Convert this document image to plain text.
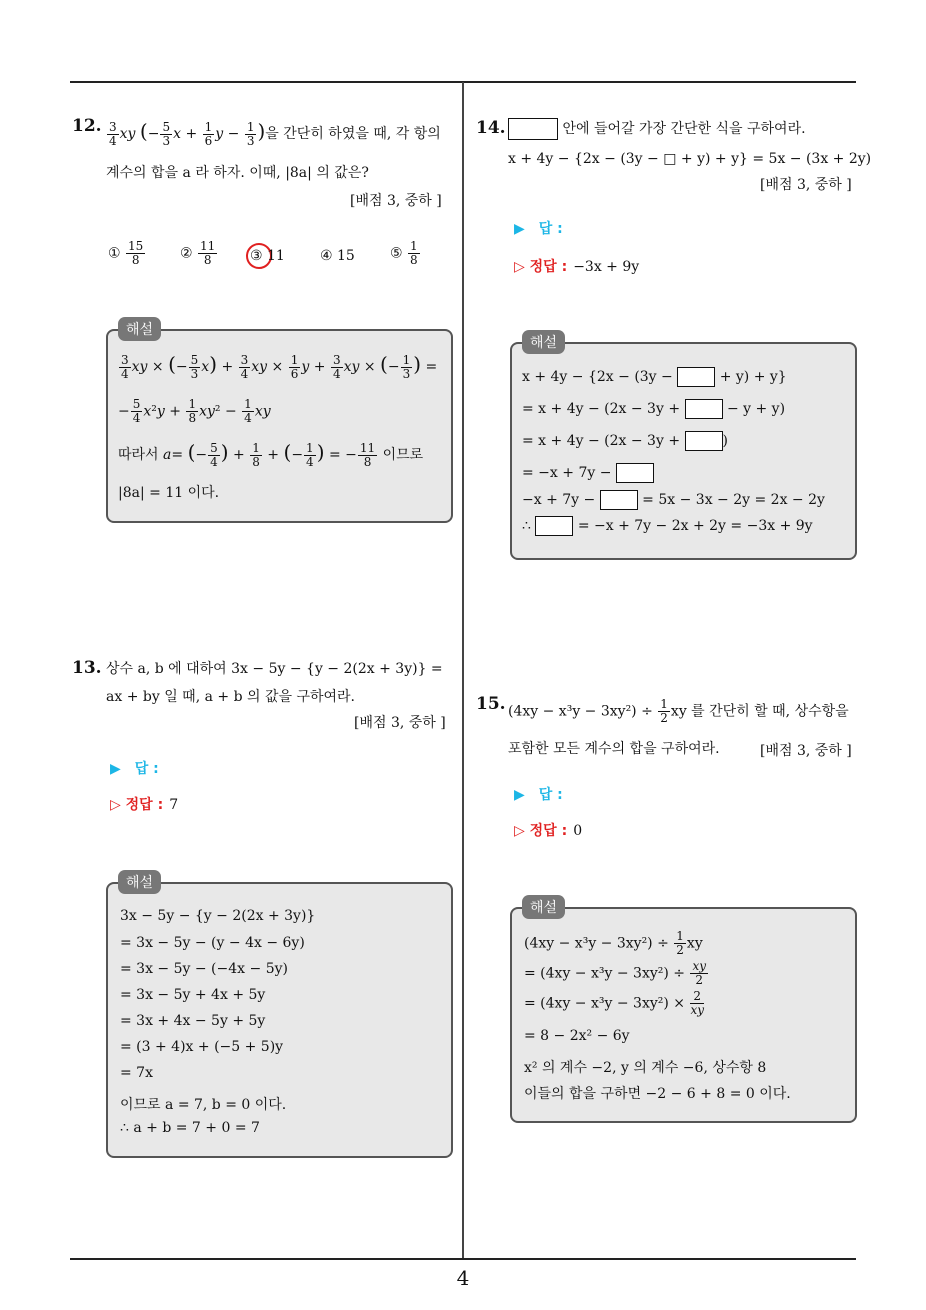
4
12. $\frac{3}{4}$ xy (− $\frac{5}{3}$ $x + \frac{1}{6}$ $y - \frac{1}{3}$ )을 간단히 하였을 때, 각 항의
계수의 합을 a 라 하자. 이때, |8a| 의 값은?
[배점 3, 중하 ]
① $\frac{15}{8}$ ② $\frac{11}{8}$ ③ 11	④ 15	⑤ $\frac{1}{8}$
해설
$\frac{3}{4}$ xy × (− $\frac{5}{3} x) + \frac{3}{4}$ xy × $\frac{1}{6}$ $y + \frac{3}{4}$ xy × (− $\frac{1}{3}$ ) =
− $\frac{5}{4} x^2y + \frac{1}{8} xy^2 - \frac{1}{4}$ xy
따라서 a= (− $\frac{5}{4}$ ) + $\frac{1}{8}$ + (− $\frac{1}{4}$ ) = − $\frac{11}{8}$ 이므로
|8a| = 11 이다.
13. 상수 a, b 에 대하여 3x − 5y − {y − 2(2x + 3y)} =
ax + by 일 때, a + b 의 값을 구하여라.
[배점 3, 중하 ]
▶ 답 :
▷ 정답 : 7
해설
3x − 5y − {y − 2(2x + 3y)}
= 3x − 5y − (y − 4x − 6y)
= 3x − 5y − (−4x − 5y)
= 3x − 5y + 4x + 5y
= 3x + 4x − 5y + 5y
= (3 + 4)x + (−5 + 5)y
= 7x
이므로 a = 7, b = 0 이다.
∴ a + b = 7 + 0 = 7
14.	안에 들어갈 가장 간단한 식을 구하여라.
x + 4y − {2x − (3y − □ + y) + y} = 5x − (3x + 2y)
[배점 3, 중하 ]
▶ 답 :
▷ 정답 : −3x + 9y
해설
x + 4y − {2x − (3y −	+ y) + y}
= x + 4y − (2x − 3y +	− y + y)
= x + 4y − (2x − 3y +	)
= −x + 7y −
−x + 7y −	= 5x − 3x − 2y = 2x − 2y
∴	= −x + 7y − 2x + 2y = −3x + 9y
15. $(4xy - x^3y - 3xy^2) \div \frac{1}{2}$ xy 를 간단히 할 때, 상수항을
포함한 모든 계수의 합을 구하여라.	[배점 3, 중하 ]
▶ 답 :
▷ 정답 : 0
해설
$(4xy - x^3y - 3xy^2) \div \frac{1}{2}$ xy
= $(4xy - x^3y - 3xy^2) \div \frac{xy}{2}$
= $(4xy - x^3y - 3xy^2) \times \frac{2}{xy}$
= 8 − 2x² − 6y
x² 의 계수 −2, y 의 계수 −6, 상수항 8
이들의 합을 구하면 −2 − 6 + 8 = 0 이다.
